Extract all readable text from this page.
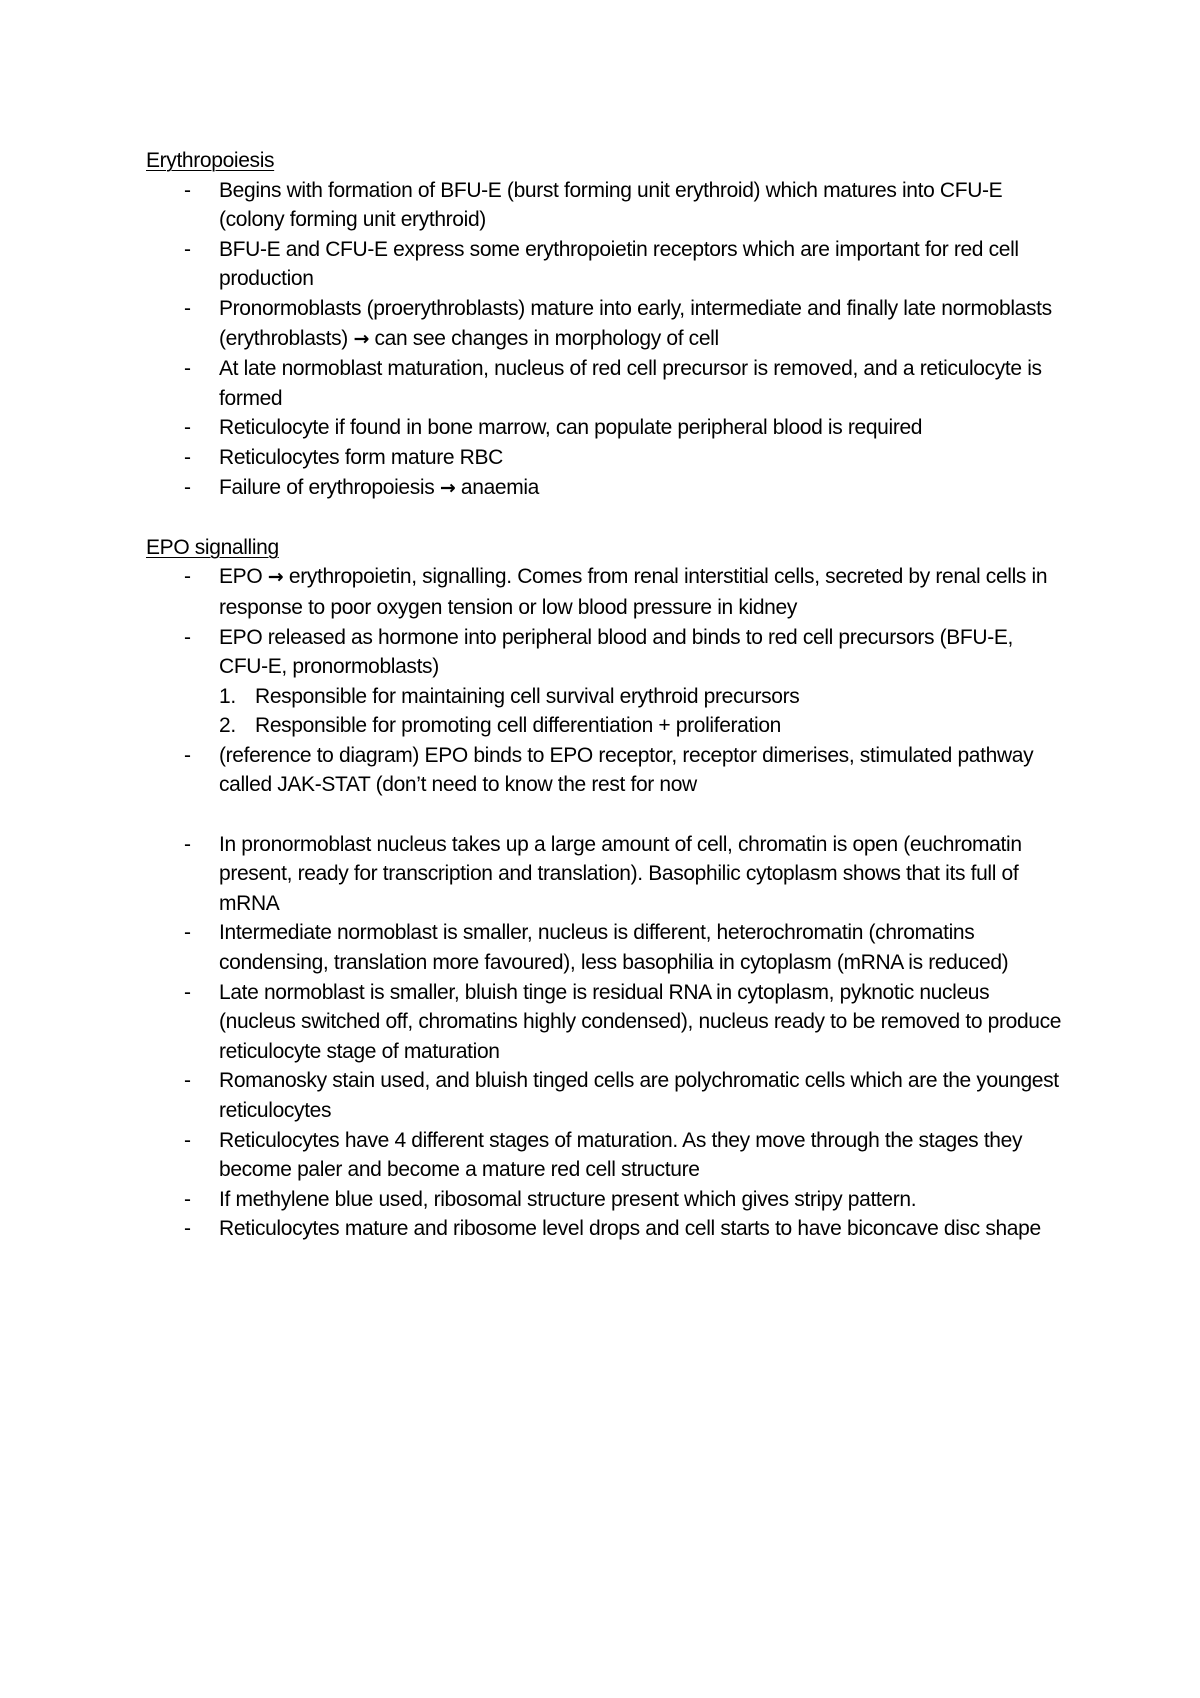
Erythropoiesis

- Begins with formation of BFU-E (burst forming unit erythroid) which matures into CFU-E (colony forming unit erythroid)
- BFU-E and CFU-E express some erythropoietin receptors which are important for red cell production
- Pronormoblasts (proerythroblasts) mature into early, intermediate and finally late normoblasts (erythroblasts) → can see changes in morphology of cell
- At late normoblast maturation, nucleus of red cell precursor is removed, and a reticulocyte is formed
- Reticulocyte if found in bone marrow, can populate peripheral blood is required
- Reticulocytes form mature RBC
- Failure of erythropoiesis → anaemia

EPO signalling

- EPO → erythropoietin, signalling. Comes from renal interstitial cells, secreted by renal cells in response to poor oxygen tension or low blood pressure in kidney
- EPO released as hormone into peripheral blood and binds to red cell precursors (BFU-E, CFU-E, pronormoblasts)
1. Responsible for maintaining cell survival erythroid precursors
2. Responsible for promoting cell differentiation + proliferation
- (reference to diagram) EPO binds to EPO receptor, receptor dimerises, stimulated pathway called JAK-STAT (don’t need to know the rest for now
- In pronormoblast nucleus takes up a large amount of cell, chromatin is open (euchromatin present, ready for transcription and translation). Basophilic cytoplasm shows that its full of mRNA
- Intermediate normoblast is smaller, nucleus is different, heterochromatin (chromatins condensing, translation more favoured), less basophilia in cytoplasm (mRNA is reduced)
- Late normoblast is smaller, bluish tinge is residual RNA in cytoplasm, pyknotic nucleus (nucleus switched off, chromatins highly condensed), nucleus ready to be removed to produce reticulocyte stage of maturation
- Romanosky stain used, and bluish tinged cells are polychromatic cells which are the youngest reticulocytes
- Reticulocytes have 4 different stages of maturation. As they move through the stages they become paler and become a mature red cell structure
- If methylene blue used, ribosomal structure present which gives stripy pattern.
- Reticulocytes mature and ribosome level drops and cell starts to have biconcave disc shape
